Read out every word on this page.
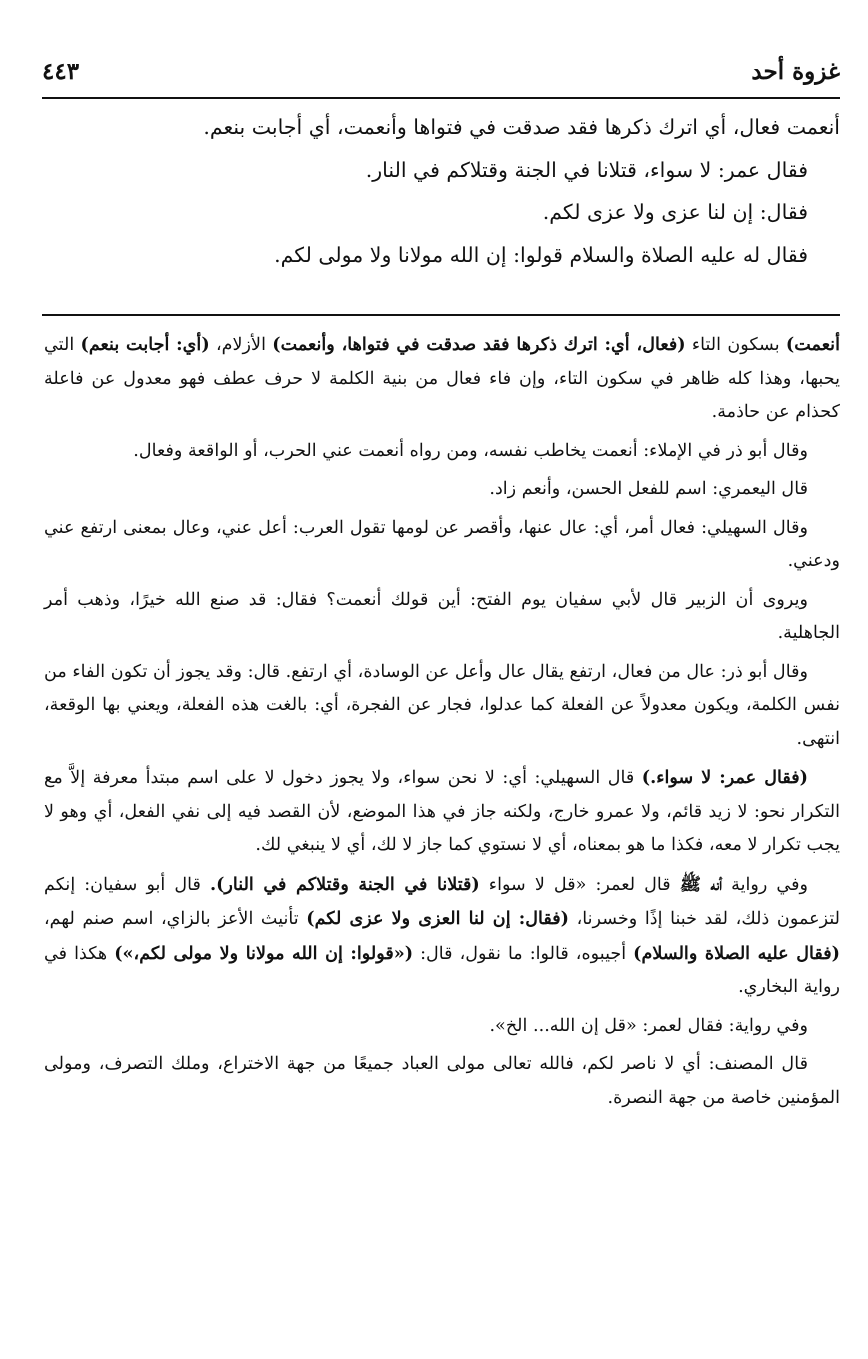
غزوة أحد
٤٤٣

أنعمت فعال، أي اترك ذكرها فقد صدقت في فتواها وأنعمت، أي أجابت بنعم.

فقال عمر: لا سواء، قتلانا في الجنة وقتلاكم في النار.

فقال: إن لنا عزى ولا عزى لكم.

فقال له عليه الصلاة والسلام قولوا: إن الله مولانا ولا مولى لكم.

أنعمت) بسكون التاء (فعال، أي: اترك ذكرها فقد صدقت في فتواها، وأنعمت) الأزلام، (أي: أجابت بنعم) التي يحبها، وهذا كله ظاهر في سكون التاء، وإن فاء فعال من بنية الكلمة لا حرف عطف فهو معدول عن فاعلة كحذام عن حاذمة.

وقال أبو ذر في الإملاء: أنعمت يخاطب نفسه، ومن رواه أنعمت عني الحرب، أو الواقعة وفعال.

قال اليعمري: اسم للفعل الحسن، وأنعم زاد.

وقال السهيلي: فعال أمر، أي: عال عنها، وأقصر عن لومها تقول العرب: أعل عني، وعال بمعنى ارتفع عني ودعني.

ويروى أن الزبير قال لأبي سفيان يوم الفتح: أين قولك أنعمت؟ فقال: قد صنع الله خيرًا، وذهب أمر الجاهلية.

وقال أبو ذر: عال من فعال، ارتفع يقال عال وأعل عن الوسادة، أي ارتفع. قال: وقد يجوز أن تكون الفاء من نفس الكلمة، ويكون معدولاً عن الفعلة كما عدلوا، فجار عن الفجرة، أي: بالغت هذه الفعلة، ويعني بها الوقعة، انتهى.

(فقال عمر: لا سواء.) قال السهيلي: أي: لا نحن سواء، ولا يجوز دخول لا على اسم مبتدأ معرفة إلاَّ مع التكرار نحو: لا زيد قائم، ولا عمرو خارج، ولكنه جاز في هذا الموضع، لأن القصد فيه إلى نفي الفعل، أي وهو لا يجب تكرار لا معه، فكذا ما هو بمعناه، أي لا نستوي كما جاز لا لك، أي لا ينبغي لك.

وفي رواية أنه ﷺ قال لعمر: «قل لا سواء (قتلانا في الجنة وقتلاكم في النار). قال أبو سفيان: إنكم لتزعمون ذلك، لقد خبنا إذًا وخسرنا، (فقال: إن لنا العزى ولا عزى لكم) تأنيث الأعز بالزاي، اسم صنم لهم، (فقال عليه الصلاة والسلام) أجيبوه، قالوا: ما نقول، قال: («قولوا: إن الله مولانا ولا مولى لكم،») هكذا في رواية البخاري.

وفي رواية: فقال لعمر: «قل إن الله... الخ».

قال المصنف: أي لا ناصر لكم، فالله تعالى مولى العباد جميعًا من جهة الاختراع، وملك التصرف، ومولى المؤمنين خاصة من جهة النصرة.
